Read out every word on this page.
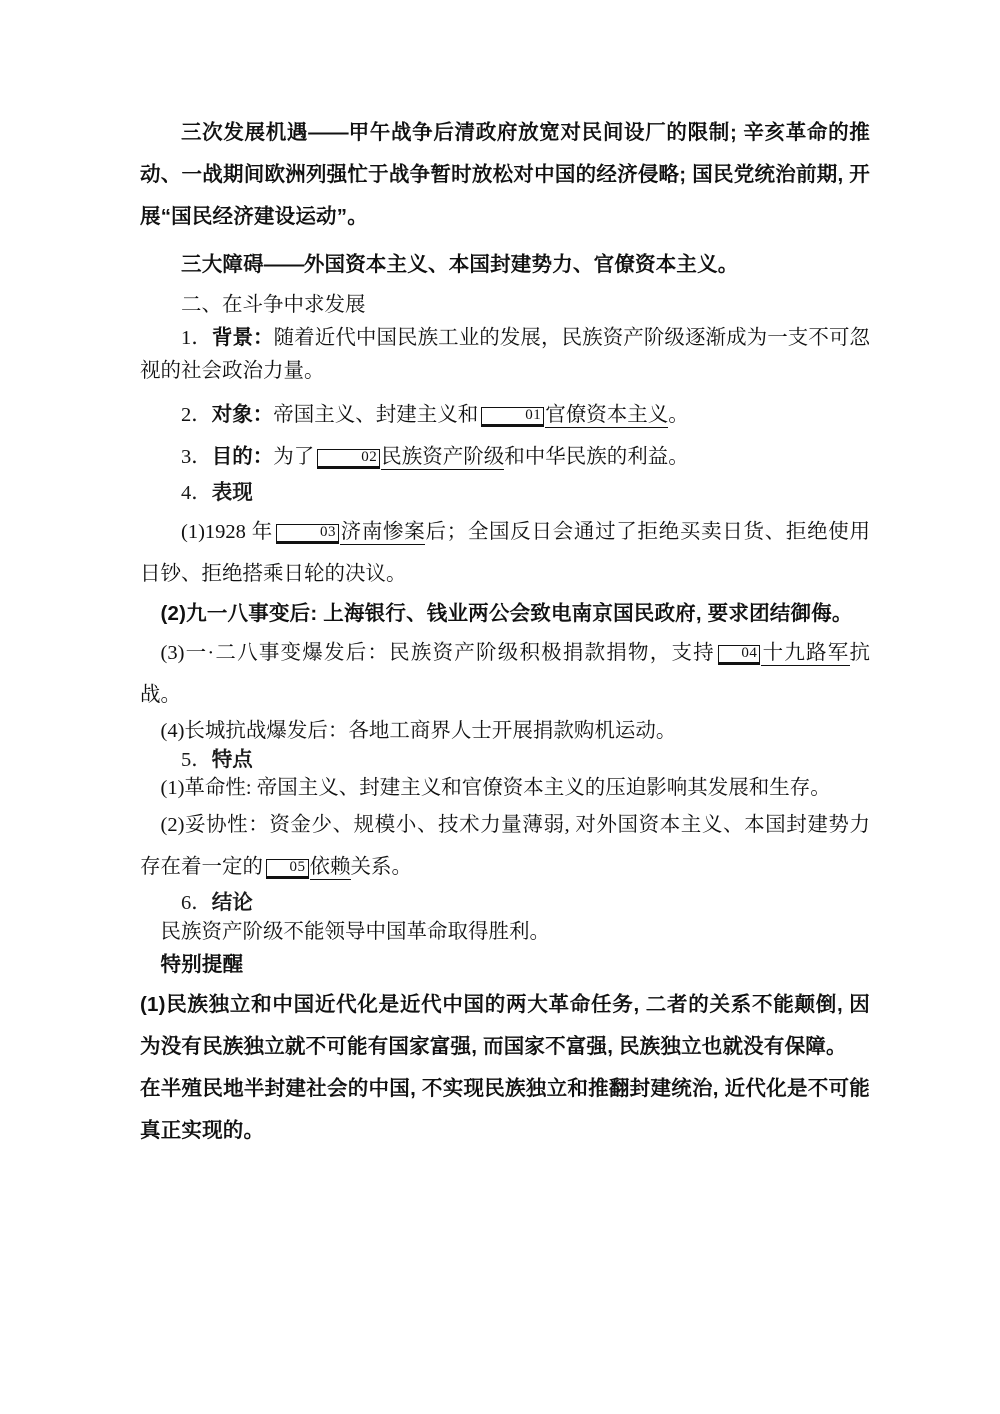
三次发展机遇——甲午战争后清政府放宽对民间设厂的限制; 辛亥革命的推动、一战期间欧洲列强忙于战争暂时放松对中国的经济侵略; 国民党统治前期, 开展“国民经济建设运动”。

三大障碍——外国资本主义、本国封建势力、官僚资本主义。

二、在斗争中求发展

1．背景：随着近代中国民族工业的发展，民族资产阶级逐渐成为一支不可忽视的社会政治力量。

2．对象：帝国主义、封建主义和	01 官僚资本主义。

3．目的：为了	02 民族资产阶级和中华民族的利益。

4．表现

(1)1928 年	03 济南惨案后；全国反日会通过了拒绝买卖日货、拒绝使用日钞、拒绝搭乘日轮的决议。

(2)九一八事变后: 上海银行、钱业两公会致电南京国民政府, 要求团结御侮。

(3)一·二八事变爆发后：民族资产阶级积极捐款捐物，支持 04 十九路军抗战。

(4)长城抗战爆发后：各地工商界人士开展捐款购机运动。

5．特点

(1)革命性: 帝国主义、封建主义和官僚资本主义的压迫影响其发展和生存。

(2)妥协性：资金少、规模小、技术力量薄弱, 对外国资本主义、本国封建势力存在着一定的 05 依赖关系。

6．结论

民族资产阶级不能领导中国革命取得胜利。

特别提醒

(1)民族独立和中国近代化是近代中国的两大革命任务, 二者的关系不能颠倒, 因为没有民族独立就不可能有国家富强, 而国家不富强, 民族独立也就没有保障。

在半殖民地半封建社会的中国, 不实现民族独立和推翻封建统治, 近代化是不可能真正实现的。
